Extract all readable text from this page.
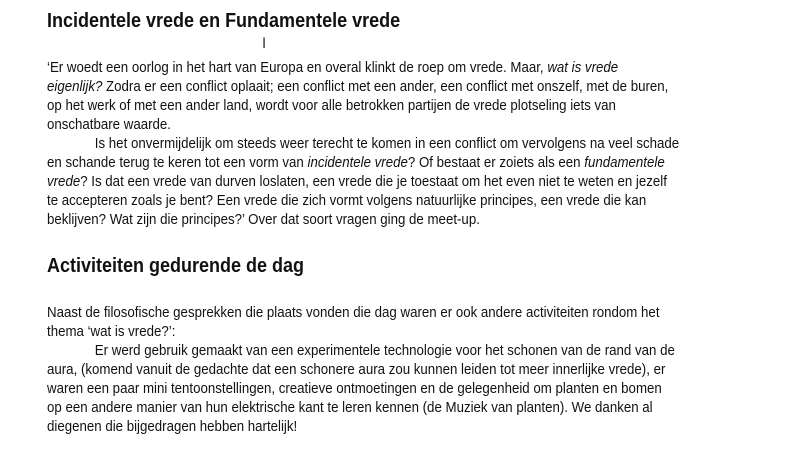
Incidentele vrede en Fundamentele vrede
I
‘Er woedt een oorlog in het hart van Europa en overal klinkt de roep om vrede. Maar, wat is vrede
eigenlijk? Zodra er een conflict oplaait; een conflict met een ander, een conflict met onszelf, met de buren,
op het werk of met een ander land, wordt voor alle betrokken partijen de vrede plotseling iets van
onschatbare waarde.
Is het onvermijdelijk om steeds weer terecht te komen in een conflict om vervolgens na veel schade
en schande terug te keren tot een vorm van incidentele vrede? Of bestaat er zoiets als een fundamentele
vrede? Is dat een vrede van durven loslaten, een vrede die je toestaat om het even niet te weten en jezelf
te accepteren zoals je bent? Een vrede die zich vormt volgens natuurlijke principes, een vrede die kan
beklijven? Wat zijn die principes?’ Over dat soort vragen ging de meet-up.
Activiteiten gedurende de dag
Naast de filosofische gesprekken die plaats vonden die dag waren er ook andere activiteiten rondom het
thema ‘wat is vrede?’:
Er werd gebruik gemaakt van een experimentele technologie voor het schonen van de rand van de
aura, (komend vanuit de gedachte dat een schonere aura zou kunnen leiden tot meer innerlijke vrede), er
waren een paar mini tentoonstellingen, creatieve ontmoetingen en de gelegenheid om planten en bomen
op een andere manier van hun elektrische kant te leren kennen (de Muziek van planten). We danken al
diegenen die bijgedragen hebben hartelijk!
